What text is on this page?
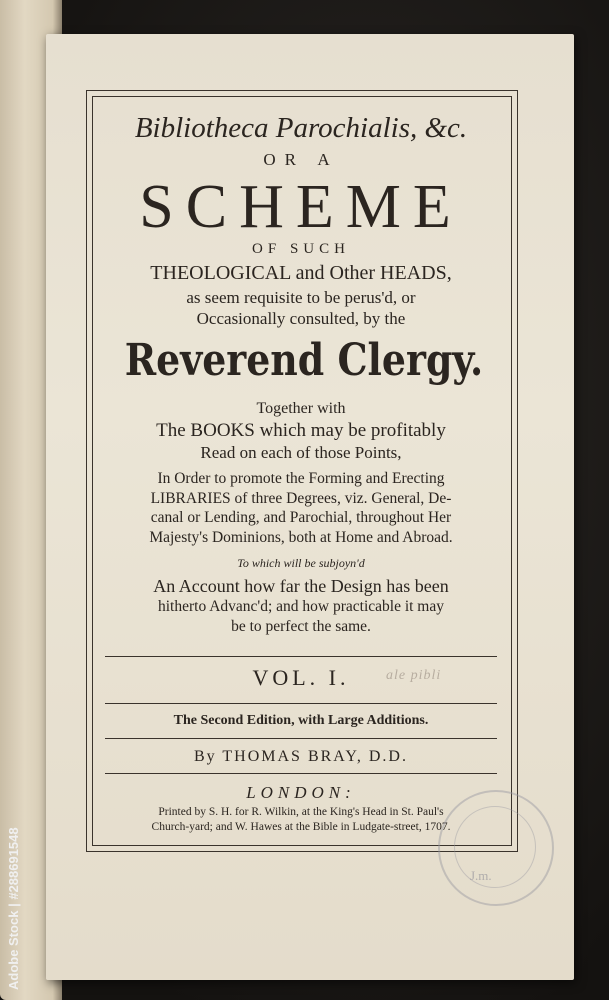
Bibliotheca Parochialis, &c.
OR A
SCHEME
OF SUCH
THEOLOGICAL and Other HEADS,
as seem requisite to be perus'd, or
Occasionally consulted, by the
Reverend Clergy.
Together with
The BOOKS which may be profitably
Read on each of those Points,
In Order to promote the Forming and Erecting
LIBRARIES of three Degrees, viz. General, De-
canal or Lending, and Parochial, throughout Her
Majesty's Dominions, both at Home and Abroad.
To which will be subjoyn'd
An Account how far the Design has been
hitherto Advanc'd; and how practicable it may
be to perfect the same.
VOL. I.	ale pibli
The Second Edition, with Large Additions.
By THOMAS BRAY, D.D.
LONDON:
Printed by S. H. for R. Wilkin, at the King's Head in St. Paul's
Church-yard; and W. Hawes at the Bible in Ludgate-street, 1707.
J.m.
Adobe Stock | #288691548
